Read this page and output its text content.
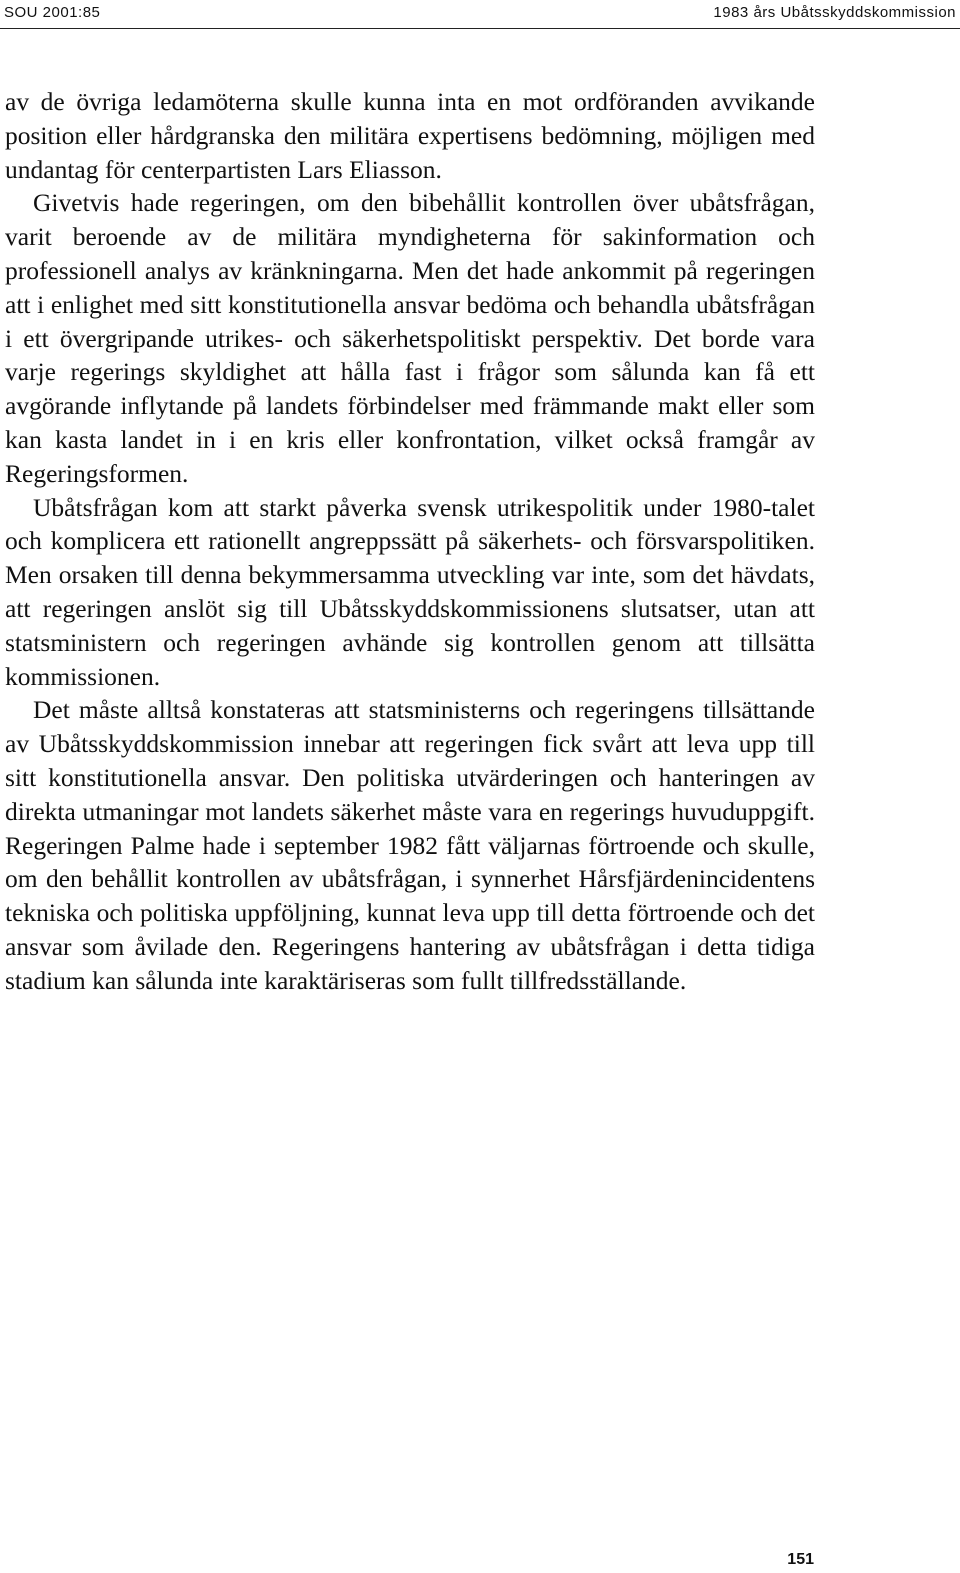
SOU 2001:85	1983 års Ubåtsskyddskommission

av de övriga ledamöterna skulle kunna inta en mot ordföranden avvikande position eller hårdgranska den militära expertisens bedömning, möjligen med undantag för centerpartisten Lars Eliasson.

Givetvis hade regeringen, om den bibehållit kontrollen över ubåtsfrågan, varit beroende av de militära myndigheterna för sakinformation och professionell analys av kränkningarna. Men det hade ankommit på regeringen att i enlighet med sitt konstitutionella ansvar bedöma och behandla ubåtsfrågan i ett övergripande utrikes- och säkerhetspolitiskt perspektiv. Det borde vara varje regerings skyldighet att hålla fast i frågor som sålunda kan få ett avgörande inflytande på landets förbindelser med främmande makt eller som kan kasta landet in i en kris eller konfrontation, vilket också framgår av Regeringsformen.

Ubåtsfrågan kom att starkt påverka svensk utrikespolitik under 1980-talet och komplicera ett rationellt angreppssätt på säkerhets- och försvarspolitiken. Men orsaken till denna bekymmersamma utveckling var inte, som det hävdats, att regeringen anslöt sig till Ubåtsskyddskommissionens slutsatser, utan att statsministern och regeringen avhände sig kontrollen genom att tillsätta kommissionen.

Det måste alltså konstateras att statsministerns och regeringens tillsättande av Ubåtsskyddskommission innebar att regeringen fick svårt att leva upp till sitt konstitutionella ansvar. Den politiska utvärderingen och hanteringen av direkta utmaningar mot landets säkerhet måste vara en regerings huvuduppgift. Regeringen Palme hade i september 1982 fått väljarnas förtroende och skulle, om den behållit kontrollen av ubåtsfrågan, i synnerhet Hårsfjärdenincidentens tekniska och politiska uppföljning, kunnat leva upp till detta förtroende och det ansvar som åvilade den. Regeringens hantering av ubåtsfrågan i detta tidiga stadium kan sålunda inte karaktäriseras som fullt tillfredsställande.

151
